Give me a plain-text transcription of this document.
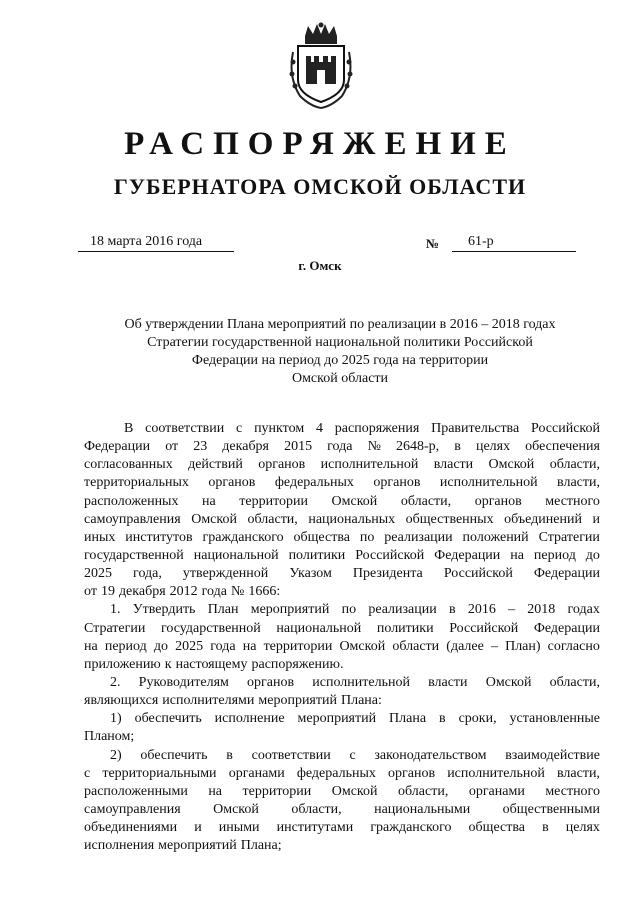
РАСПОРЯЖЕНИЕ
ГУБЕРНАТОРА ОМСКОЙ ОБЛАСТИ
18 марта 2016 года	№	61-р
г. Омск
Об утверждении Плана мероприятий по реализации в 2016 – 2018 годах
Стратегии государственной национальной политики Российской
Федерации на период до 2025 года на территории
Омской области
В соответствии с пунктом 4 распоряжения Правительства Российской
Федерации от 23 декабря 2015 года № 2648-р, в целях обеспечения
согласованных действий органов исполнительной власти Омской области,
территориальных органов федеральных органов исполнительной власти,
расположенных на территории Омской области, органов местного
самоуправления Омской области, национальных общественных объединений и
иных институтов гражданского общества по реализации положений Стратегии
государственной национальной политики Российской Федерации на период до
2025 года, утвержденной Указом Президента Российской Федерации
от 19 декабря 2012 года № 1666:
1. Утвердить План мероприятий по реализации в 2016 – 2018 годах
Стратегии государственной национальной политики Российской Федерации
на период до 2025 года на территории Омской области (далее – План) согласно
приложению к настоящему распоряжению.
2. Руководителям органов исполнительной власти Омской области,
являющихся исполнителями мероприятий Плана:
1) обеспечить исполнение мероприятий Плана в сроки, установленные
Планом;
2) обеспечить в соответствии с законодательством взаимодействие
с территориальными органами федеральных органов исполнительной власти,
расположенными на территории Омской области, органами местного
самоуправления Омской области, национальными общественными
объединениями и иными институтами гражданского общества в целях
исполнения мероприятий Плана;
